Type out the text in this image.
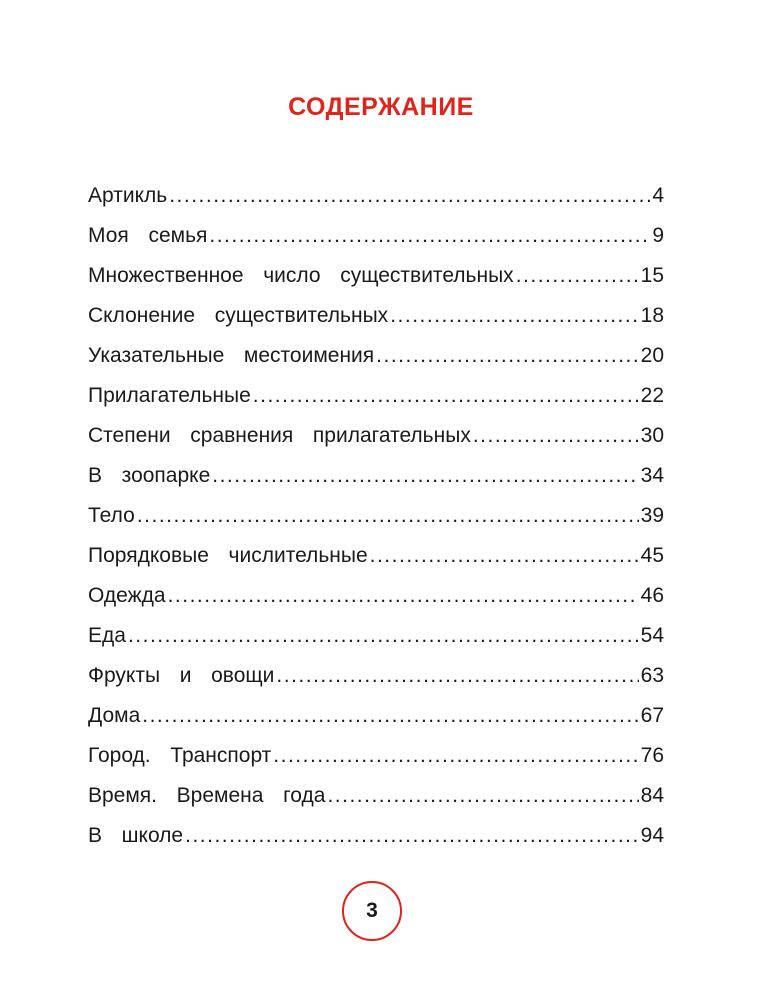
СОДЕРЖАНИЕ
Артикль .....	4
Моя  семья .....	9
Множественное  число  существительных .....	15
Склонение  существительных .....	18
Указательные  местоимения .....	20
Прилагательные .....	22
Степени  сравнения  прилагательных .....	30
В  зоопарке .....	34
Тело .....	39
Порядковые  числительные .....	45
Одежда .....	46
Еда .....	54
Фрукты  и  овощи .....	63
Дома .....	67
Город.  Транспорт .....	76
Время.  Времена  года .....	84
В  школе .....	94
3
